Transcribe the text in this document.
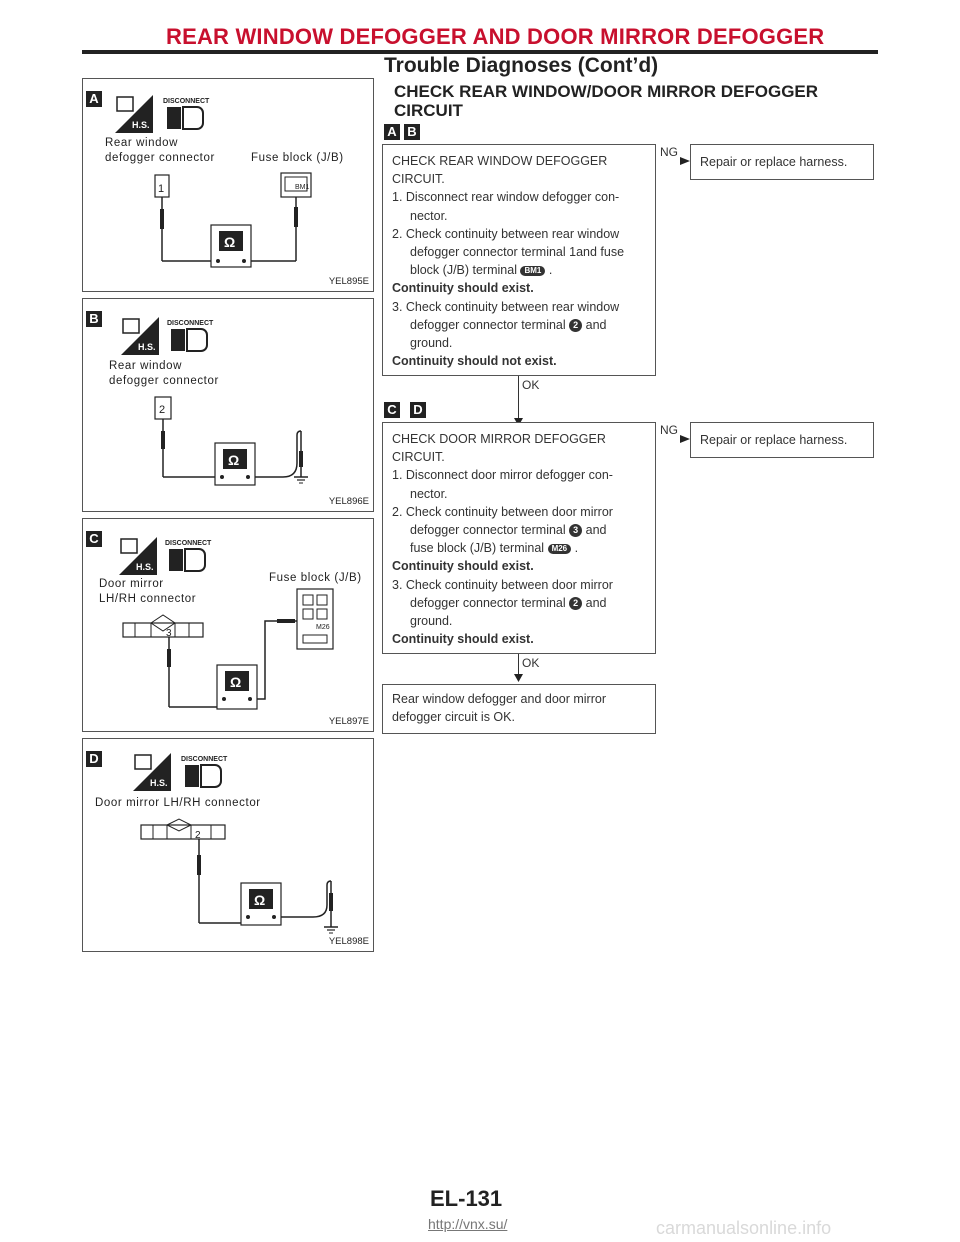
REAR WINDOW DEFOGGER AND DOOR MIRROR DEFOGGER
Trouble Diagnoses (Cont’d)
A
H.S.
DISCONNECT
Rear window
defogger connector	Fuse block (J/B)
1	BM1
Ω
YEL895E
B
H.S.
DISCONNECT
Rear window
defogger connector
2
Ω
YEL896E
C
H.S.
DISCONNECT
Door mirror
LH/RH connector
Fuse block (J/B)
3
Ω
M26
YEL897E
D
H.S.
DISCONNECT
Door mirror LH/RH connector
2
Ω
YEL898E
CHECK REAR WINDOW/DOOR MIRROR DEFOGGER
CIRCUIT
A B
CHECK REAR WINDOW DEFOGGER
CIRCUIT.
1. Disconnect rear window defogger con-
nector.
2. Check continuity between rear window
defogger connector terminal 1and fuse
block (J/B) terminal BM1 .
Continuity should exist.
3. Check continuity between rear window
defogger connector terminal 2 and
ground.
Continuity should not exist.
NG
Repair or replace harness.
OK
C D
CHECK DOOR MIRROR DEFOGGER
CIRCUIT.
1. Disconnect door mirror defogger con-
nector.
2. Check continuity between door mirror
defogger connector terminal 3 and
fuse block (J/B) terminal M26 .
Continuity should exist.
3. Check continuity between door mirror
defogger connector terminal 2 and
ground.
Continuity should exist.
NG
Repair or replace harness.
OK
Rear window defogger and door mirror
defogger circuit is OK.
EL-131
http://vnx.su/	carmanualsonline.info
